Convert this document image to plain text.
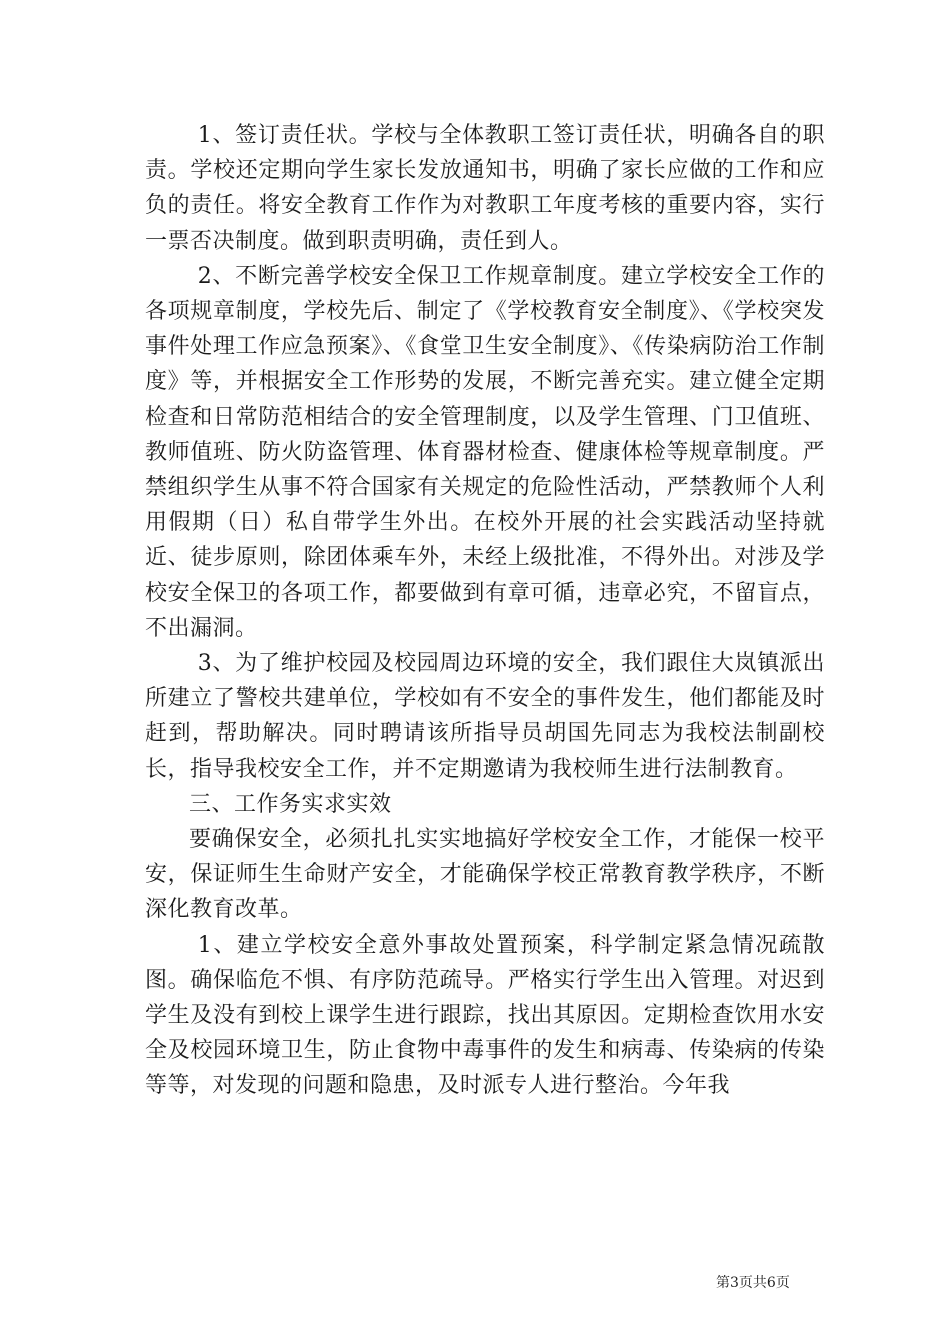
1、签订责任状。学校与全体教职工签订责任状，明确各自的职责。学校还定期向学生家长发放通知书，明确了家长应做的工作和应负的责任。将安全教育工作作为对教职工年度考核的重要内容，实行一票否决制度。做到职责明确，责任到人。

2、不断完善学校安全保卫工作规章制度。建立学校安全工作的各项规章制度，学校先后、制定了《学校教育安全制度》、《学校突发事件处理工作应急预案》、《食堂卫生安全制度》、《传染病防治工作制度》等，并根据安全工作形势的发展，不断完善充实。建立健全定期检查和日常防范相结合的安全管理制度，以及学生管理、门卫值班、教师值班、防火防盗管理、体育器材检查、健康体检等规章制度。严禁组织学生从事不符合国家有关规定的危险性活动，严禁教师个人利用假期（日）私自带学生外出。在校外开展的社会实践活动坚持就近、徒步原则，除团体乘车外，未经上级批准，不得外出。对涉及学校安全保卫的各项工作，都要做到有章可循，违章必究，不留盲点，不出漏洞。

3、为了维护校园及校园周边环境的安全，我们跟住大岚镇派出所建立了警校共建单位，学校如有不安全的事件发生，他们都能及时赶到，帮助解决。同时聘请该所指导员胡国先同志为我校法制副校长，指导我校安全工作，并不定期邀请为我校师生进行法制教育。

三、工作务实求实效

要确保安全，必须扎扎实实地搞好学校安全工作，才能保一校平安，保证师生生命财产安全，才能确保学校正常教育教学秩序，不断深化教育改革。

1、建立学校安全意外事故处置预案，科学制定紧急情况疏散图。确保临危不惧、有序防范疏导。严格实行学生出入管理。对迟到学生及没有到校上课学生进行跟踪，找出其原因。定期检查饮用水安全及校园环境卫生，防止食物中毒事件的发生和病毒、传染病的传染等等，对发现的问题和隐患，及时派专人进行整治。今年我

第3页共6页
